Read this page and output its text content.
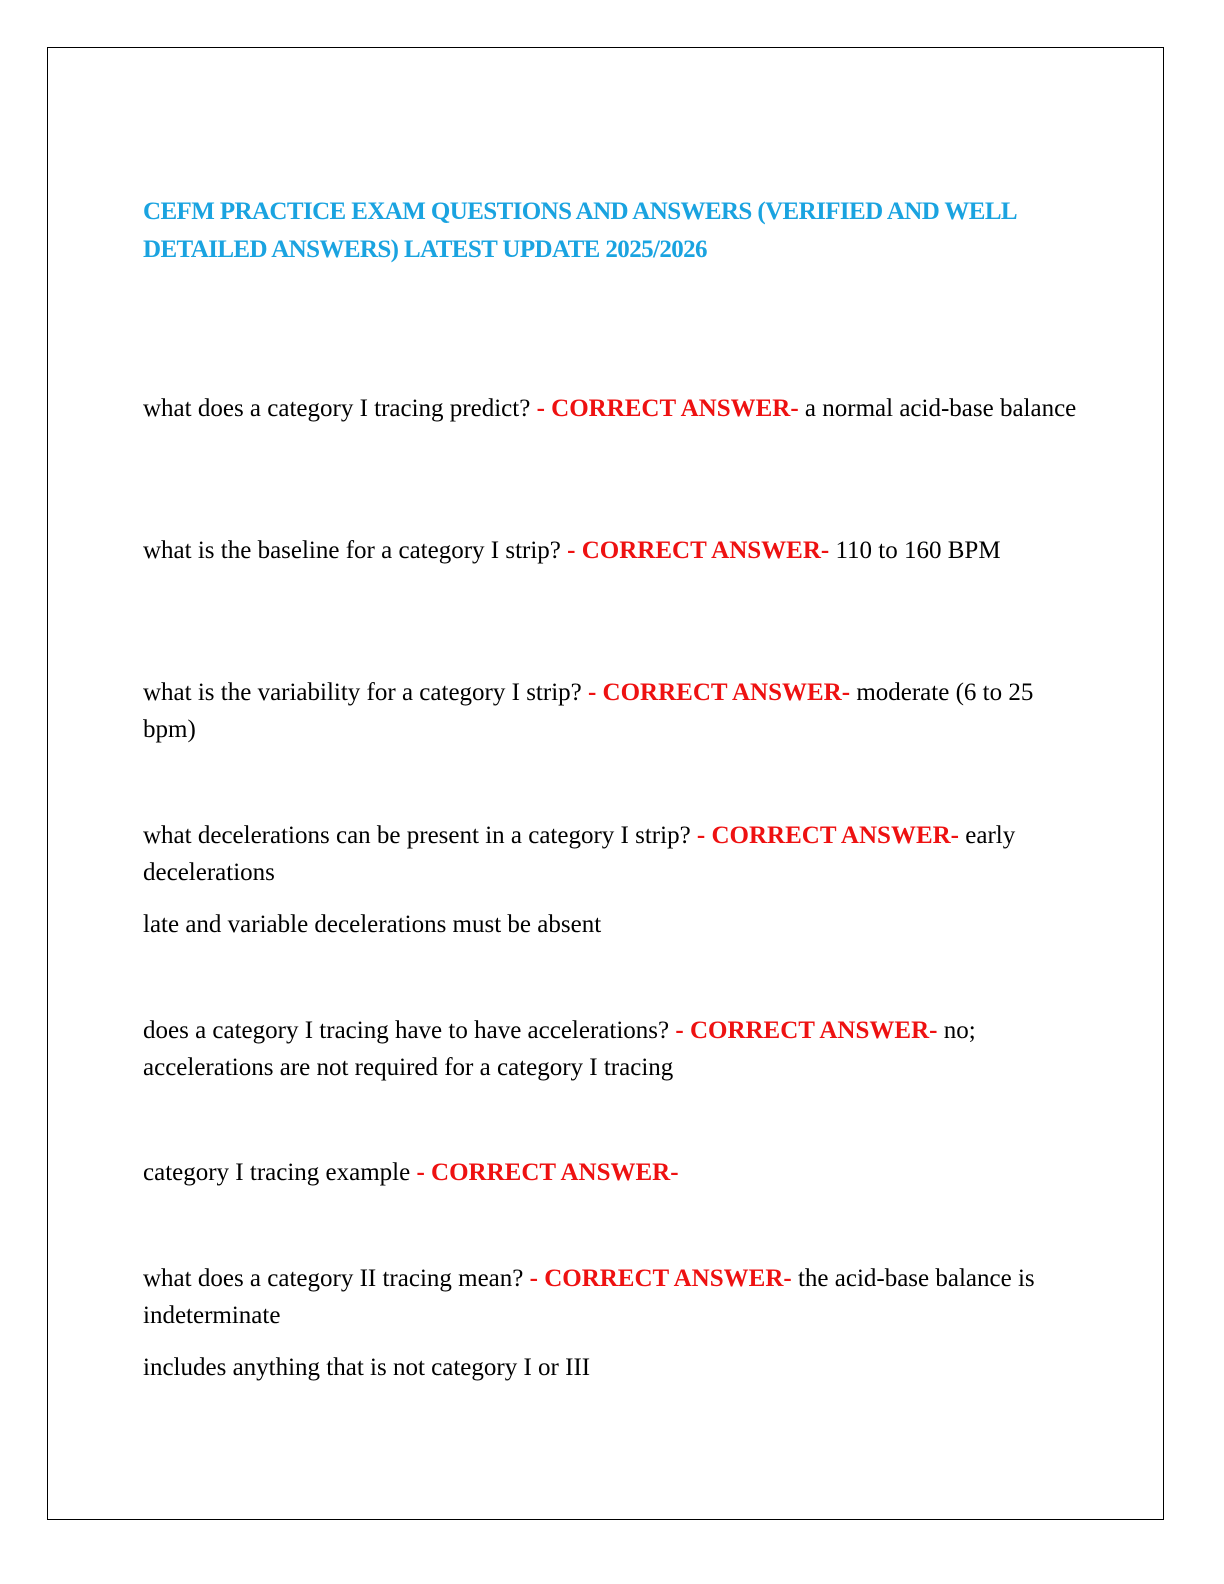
CEFM PRACTICE EXAM QUESTIONS AND ANSWERS (VERIFIED AND WELL DETAILED ANSWERS) LATEST UPDATE 2025/2026

what does a category I tracing predict? - CORRECT ANSWER- a normal acid-base balance

what is the baseline for a category I strip? - CORRECT ANSWER- 110 to 160 BPM

what is the variability for a category I strip? - CORRECT ANSWER- moderate (6 to 25 bpm)

what decelerations can be present in a category I strip? - CORRECT ANSWER- early decelerations

late and variable decelerations must be absent

does a category I tracing have to have accelerations? - CORRECT ANSWER- no; accelerations are not required for a category I tracing

category I tracing example - CORRECT ANSWER-

what does a category II tracing mean? - CORRECT ANSWER- the acid-base balance is indeterminate

includes anything that is not category I or III
